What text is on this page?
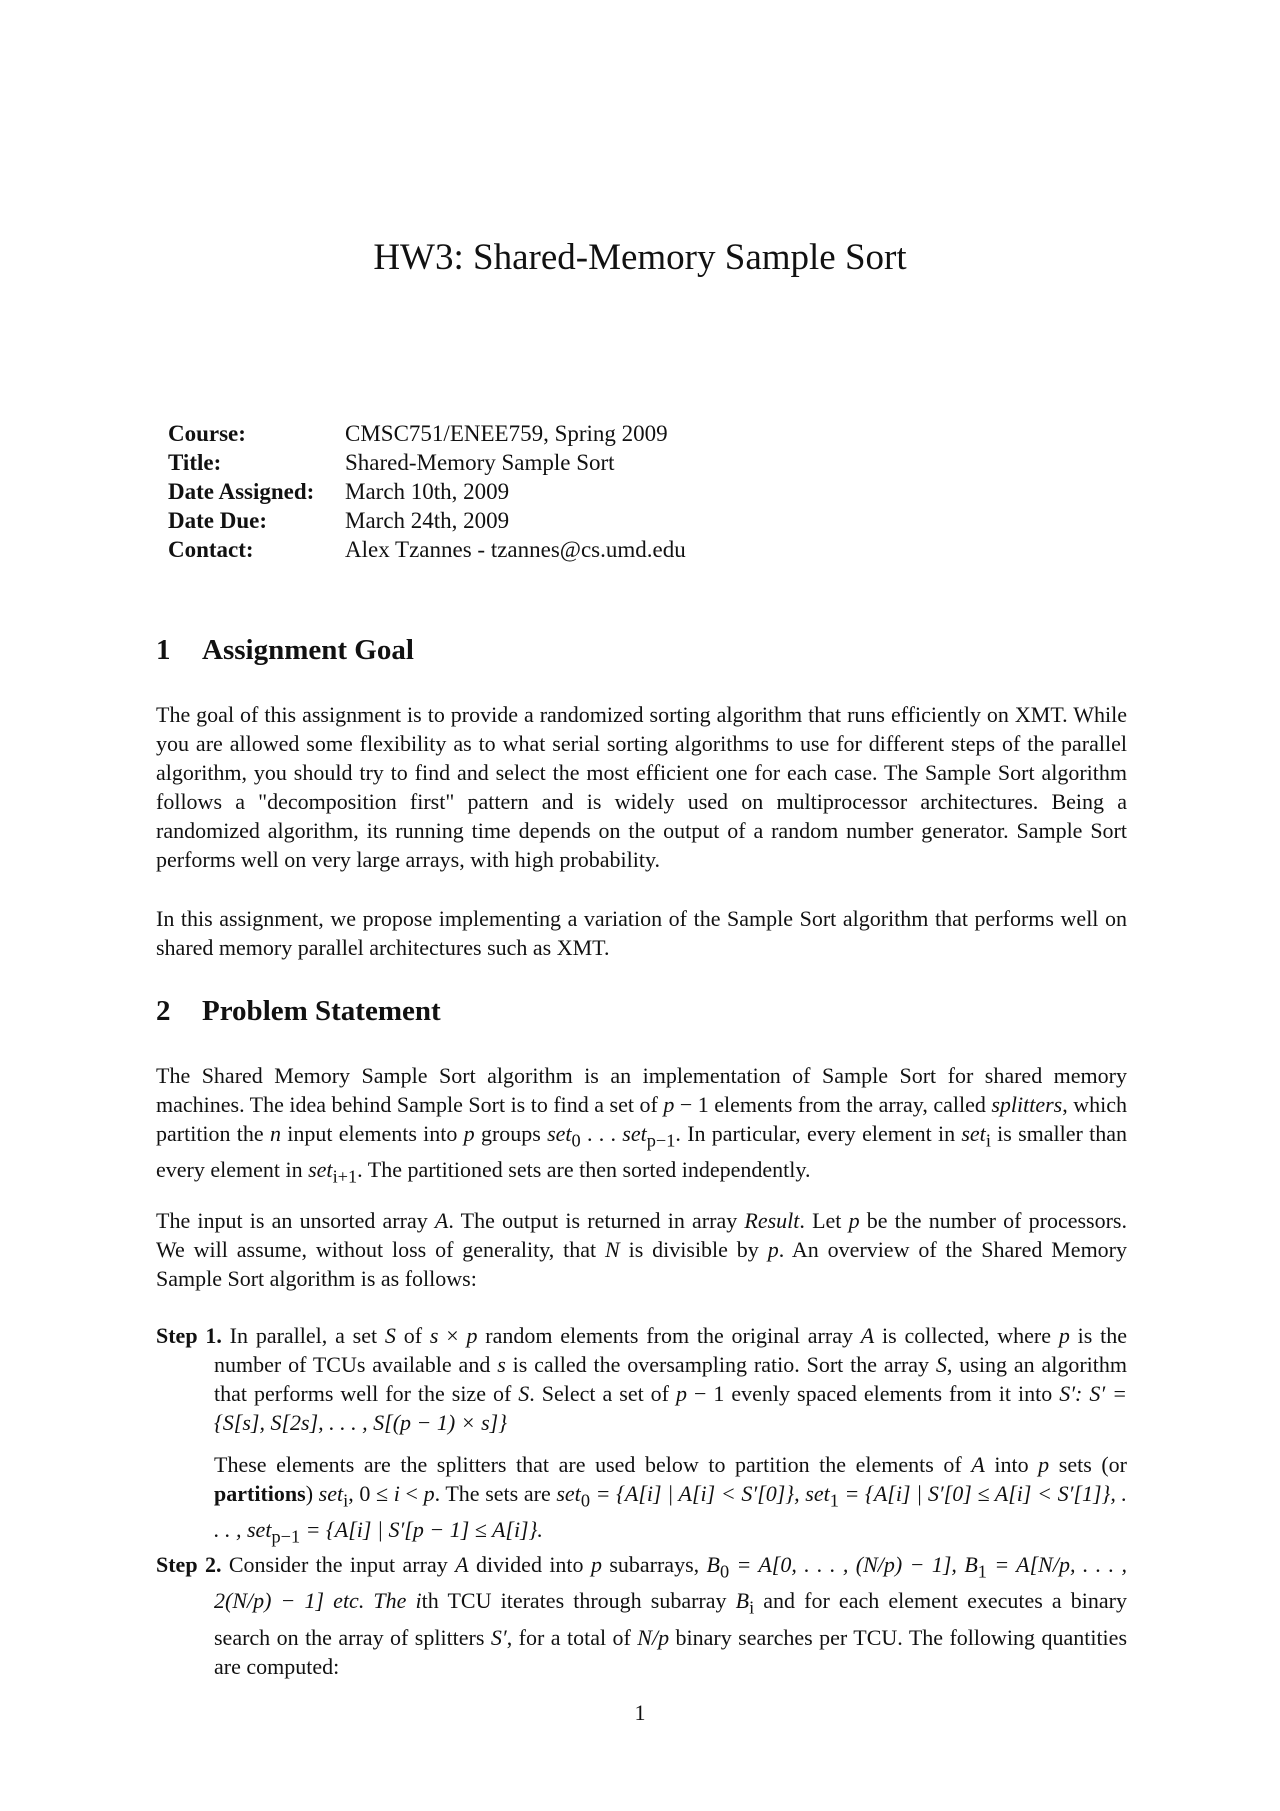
HW3: Shared-Memory Sample Sort
Course:	CMSC751/ENEE759, Spring 2009
Title:	Shared-Memory Sample Sort
Date Assigned:	March 10th, 2009
Date Due:	March 24th, 2009
Contact:	Alex Tzannes - tzannes@cs.umd.edu
1 Assignment Goal

The goal of this assignment is to provide a randomized sorting algorithm that runs efficiently on XMT. While you are allowed some flexibility as to what serial sorting algorithms to use for different steps of the parallel algorithm, you should try to find and select the most efficient one for each case. The Sample Sort algorithm follows a "decomposition first" pattern and is widely used on multiprocessor architectures. Being a randomized algorithm, its running time depends on the output of a random number generator. Sample Sort performs well on very large arrays, with high probability.

In this assignment, we propose implementing a variation of the Sample Sort algorithm that performs well on shared memory parallel architectures such as XMT.

2 Problem Statement

The Shared Memory Sample Sort algorithm is an implementation of Sample Sort for shared memory machines. The idea behind Sample Sort is to find a set of p − 1 elements from the array, called splitters, which partition the n input elements into p groups set$_0$ . . . set$_{p-1}$. In particular, every element in set$_i$ is smaller than every element in set$_{i+1}$. The partitioned sets are then sorted independently.

The input is an unsorted array A. The output is returned in array Result. Let p be the number of processors. We will assume, without loss of generality, that N is divisible by p. An overview of the Shared Memory Sample Sort algorithm is as follows:

Step 1. In parallel, a set S of s × p random elements from the original array A is collected, where p is the number of TCUs available and s is called the oversampling ratio. Sort the array S, using an algorithm that performs well for the size of S. Select a set of p − 1 evenly spaced elements from it into S′: S′ = {S[s], S[2s], . . . , S[(p − 1) × s]}

These elements are the splitters that are used below to partition the elements of A into p sets (or partitions) set$_i$, 0 ≤ i < p. The sets are set$_0$ = {A[i] | A[i] < S′[0]}, set$_1$ = {A[i] | S′[0] ≤ A[i] < S′[1]}, . . . , set$_{p-1}$ = {A[i] | S′[p − 1] ≤ A[i]}.

Step 2. Consider the input array A divided into p subarrays, $B_0 = A[0$, . . . , (N/p) − 1], $B_1 = A[N/p$, . . . , 2(N/p) − 1] etc. The ith TCU iterates through subarray $B_i$ and for each element executes a binary search on the array of splitters S′, for a total of N/p binary searches per TCU. The following quantities are computed:

1
